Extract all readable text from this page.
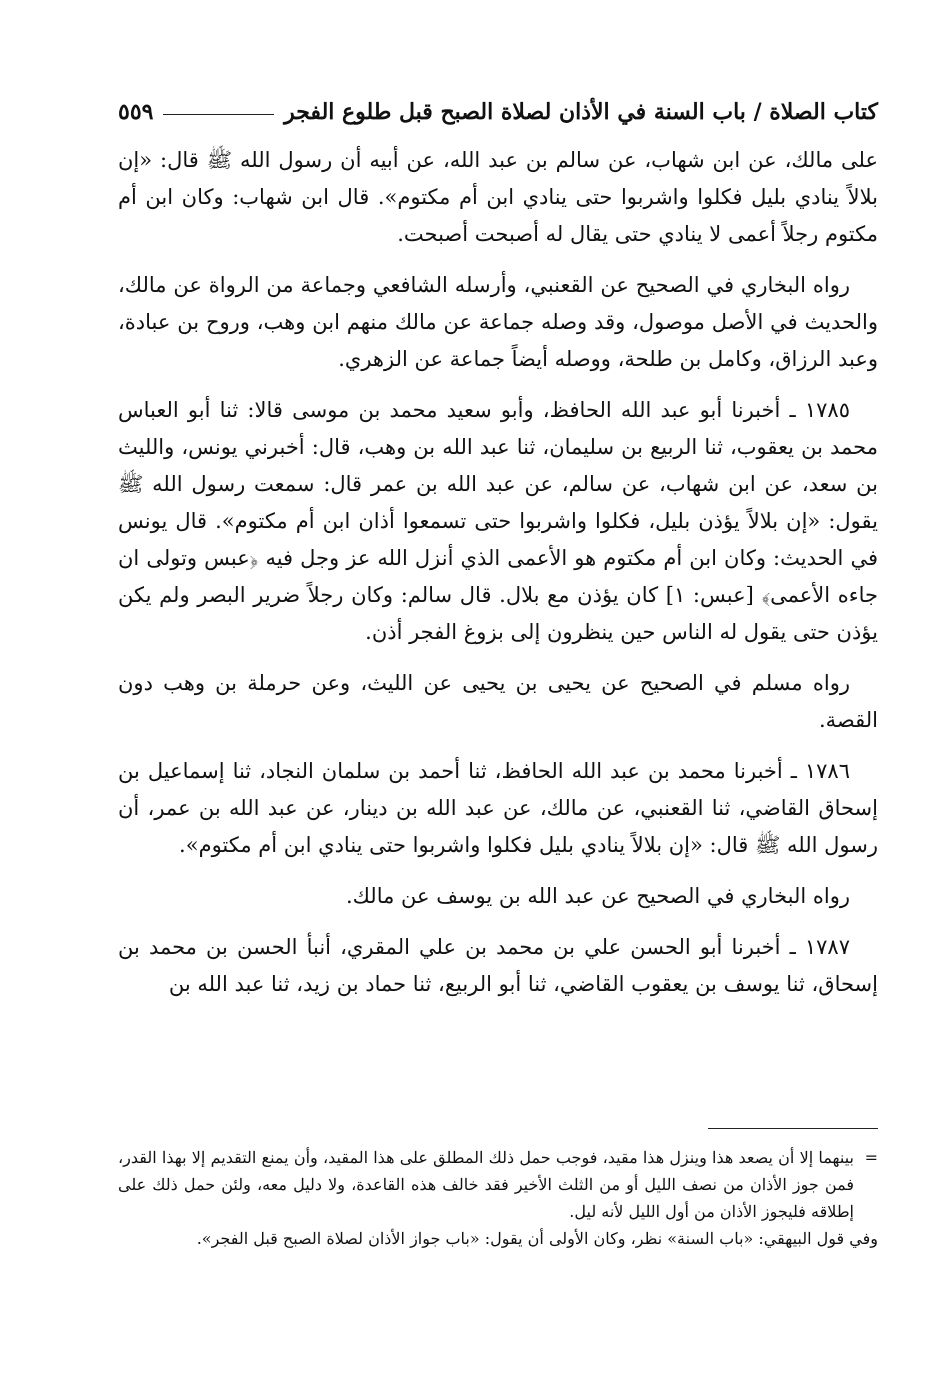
كتاب الصلاة / باب السنة في الأذان لصلاة الصبح قبل طلوع الفجر
٥٥٩

على مالك، عن ابن شهاب، عن سالم بن عبد الله، عن أبيه أن رسول الله ﷺ قال: «إن بلالاً ينادي بليل فكلوا واشربوا حتى ينادي ابن أم مكتوم». قال ابن شهاب: وكان ابن أم مكتوم رجلاً أعمى لا ينادي حتى يقال له أصبحت أصبحت.

رواه البخاري في الصحيح عن القعنبي، وأرسله الشافعي وجماعة من الرواة عن مالك، والحديث في الأصل موصول، وقد وصله جماعة عن مالك منهم ابن وهب، وروح بن عبادة، وعبد الرزاق، وكامل بن طلحة، ووصله أيضاً جماعة عن الزهري.

١٧٨٥ ـ أخبرنا أبو عبد الله الحافظ، وأبو سعيد محمد بن موسى قالا: ثنا أبو العباس محمد بن يعقوب، ثنا الربيع بن سليمان، ثنا عبد الله بن وهب، قال: أخبرني يونس، والليث بن سعد، عن ابن شهاب، عن سالم، عن عبد الله بن عمر قال: سمعت رسول الله ﷺ يقول: «إن بلالاً يؤذن بليل، فكلوا واشربوا حتى تسمعوا أذان ابن أم مكتوم». قال يونس في الحديث: وكان ابن أم مكتوم هو الأعمى الذي أنزل الله عز وجل فيه ﴿عبس وتولى ان جاءه الأعمى﴾ [عبس: ١] كان يؤذن مع بلال. قال سالم: وكان رجلاً ضرير البصر ولم يكن يؤذن حتى يقول له الناس حين ينظرون إلى بزوغ الفجر أذن.

رواه مسلم في الصحيح عن يحيى بن يحيى عن الليث، وعن حرملة بن وهب دون القصة.

١٧٨٦ ـ أخبرنا محمد بن عبد الله الحافظ، ثنا أحمد بن سلمان النجاد، ثنا إسماعيل بن إسحاق القاضي، ثنا القعنبي، عن مالك، عن عبد الله بن دينار، عن عبد الله بن عمر، أن رسول الله ﷺ قال: «إن بلالاً ينادي بليل فكلوا واشربوا حتى ينادي ابن أم مكتوم».

رواه البخاري في الصحيح عن عبد الله بن يوسف عن مالك.

١٧٨٧ ـ أخبرنا أبو الحسن علي بن محمد بن علي المقري، أنبأ الحسن بن محمد بن إسحاق، ثنا يوسف بن يعقوب القاضي، ثنا أبو الربيع، ثنا حماد بن زيد، ثنا عبد الله بن

=

بينهما إلا أن يصعد هذا وينزل هذا مقيد، فوجب حمل ذلك المطلق على هذا المقيد، وأن يمنع التقديم إلا بهذا القدر، فمن جوز الأذان من نصف الليل أو من الثلث الأخير فقد خالف هذه القاعدة، ولا دليل معه، ولئن حمل ذلك على إطلاقه فليجوز الأذان من أول الليل لأنه ليل.

وفي قول البيهقي: «باب السنة» نظر، وكان الأولى أن يقول: «باب جواز الأذان لصلاة الصبح قبل الفجر».
